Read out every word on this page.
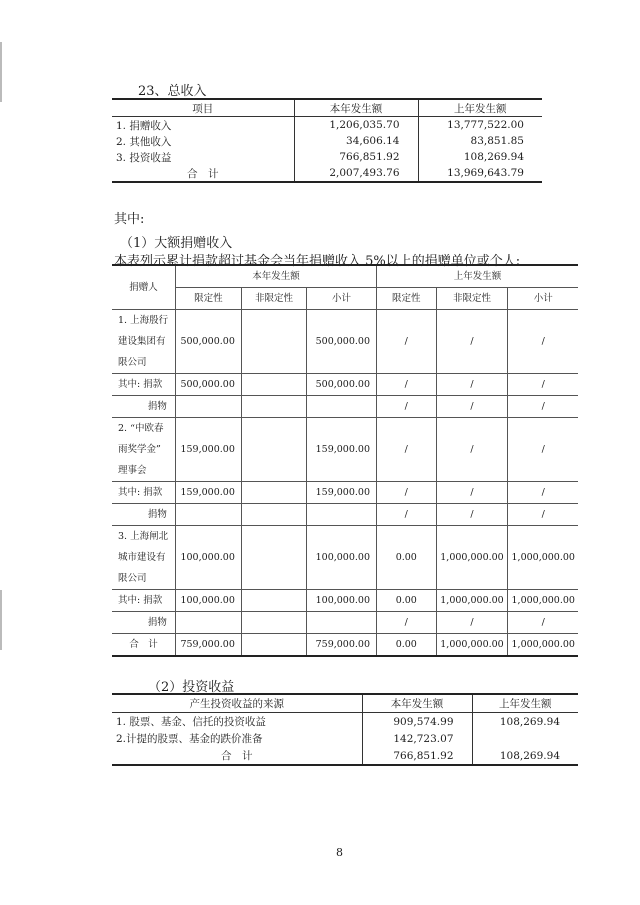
23、总收入
项目	本年发生额	上年发生额
1. 捐赠收入	1,206,035.70	13,777,522.00
2. 其他收入	34,606.14	83,851.85
3. 投资收益	766,851.92	108,269.94
合　计	2,007,493.76	13,969,643.79
其中:
（1）大额捐赠收入
本表列示累计捐款超过基金会当年捐赠收入 5%以上的捐赠单位或个人:
捐赠人	本年发生额			上年发生额		
	限定性	非限定性	小计	限定性	非限定性	小计

1. 上海殷行
建设集团有
限公司	500,000.00		500,000.00	/	/	/
其中: 捐款	500,000.00		500,000.00	/	/	/
捐物				/	/	/

2. “中欧春
雨奖学金”
理事会	159,000.00		159,000.00	/	/	/
其中: 捐款	159,000.00		159,000.00	/	/	/
捐物				/	/	/

3. 上海闸北
城市建设有
限公司	100,000.00		100,000.00	0.00	1,000,000.00	1,000,000.00
其中: 捐款	100,000.00		100,000.00	0.00	1,000,000.00	1,000,000.00
捐物				/	/	/
合　计	759,000.00		759,000.00	0.00	1,000,000.00	1,000,000.00
（2）投资收益
产生投资收益的来源	本年发生额	上年发生额
1. 股票、基金、信托的投资收益	909,574.99	108,269.94
2.计提的股票、基金的跌价准备	142,723.07	
合　计	766,851.92	108,269.94
8
